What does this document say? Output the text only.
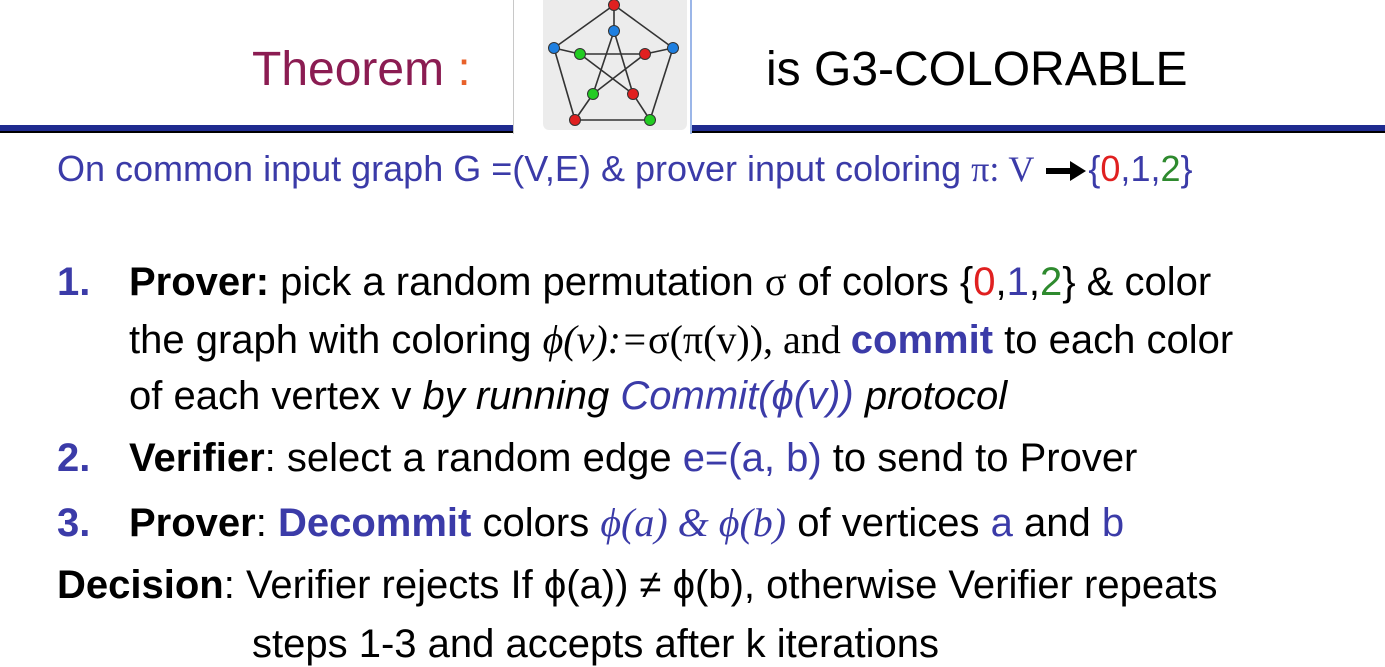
Theorem :	is G3-COLORABLE
On common input graph G =(V,E) & prover input coloring π: V {0,1,2}
1. Prover: pick a random permutation σ of colors {0,1,2} & color
the graph with coloring ϕ(v):=σ(π(v)), and commit to each color
of each vertex v by running Commit(ϕ(v)) protocol
2. Verifier: select a random edge e=(a, b) to send to Prover
3. Prover: Decommit colors ϕ(a) & ϕ(b) of vertices a and b
Decision: Verifier rejects If ϕ(a)) ≠ ϕ(b), otherwise Verifier repeats
steps 1-3 and accepts after k iterations
